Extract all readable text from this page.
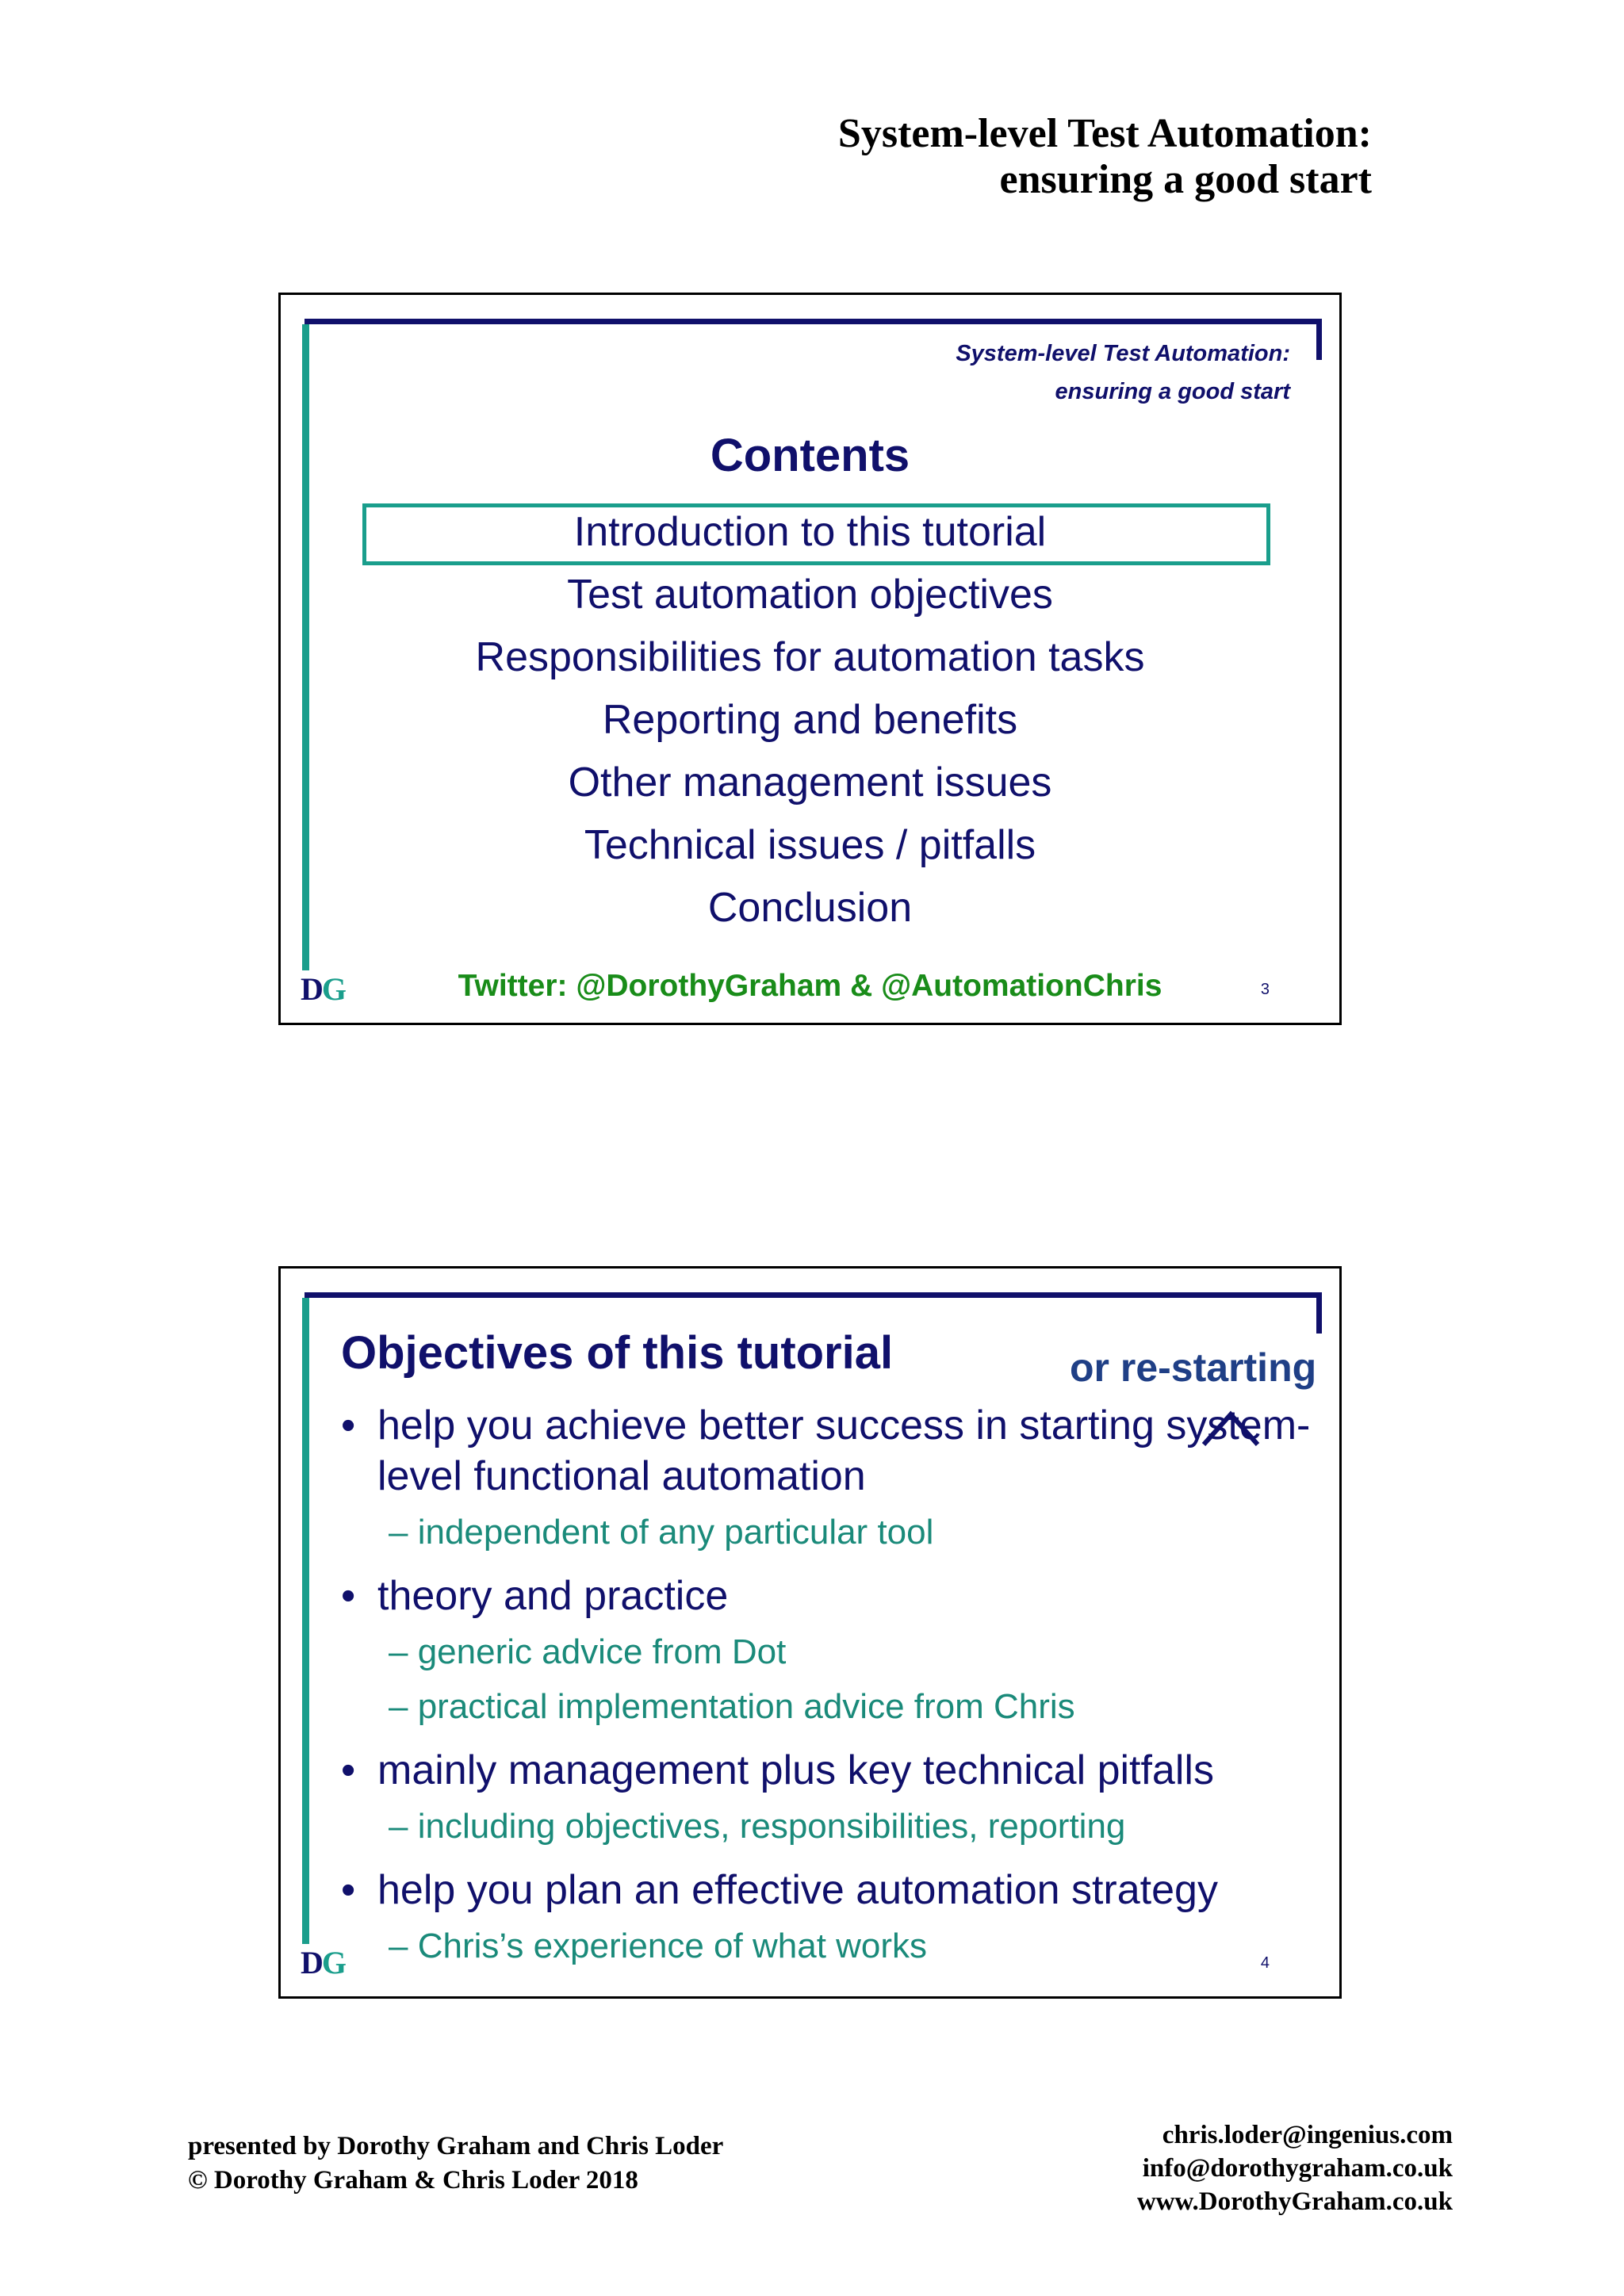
System-level Test Automation:
ensuring a good start
System-level Test Automation:
ensuring a good start
Contents
Introduction to this tutorial
Test automation objectives
Responsibilities for automation tasks
Reporting and benefits
Other management issues
Technical issues / pitfalls
Conclusion
Twitter: @DorothyGraham & @AutomationChris
DG	3
Objectives of this tutorial	or re-starting
• help you achieve better success in starting system-level functional automation
– independent of any particular tool
• theory and practice
– generic advice from Dot
– practical implementation advice from Chris
• mainly management plus key technical pitfalls
– including objectives, responsibilities, reporting
• help you plan an effective automation strategy
– Chris’s experience of what works
DG	4
presented by Dorothy Graham and Chris Loder
© Dorothy Graham & Chris Loder 2018
chris.loder@ingenius.com
info@dorothygraham.co.uk
www.DorothyGraham.co.uk
